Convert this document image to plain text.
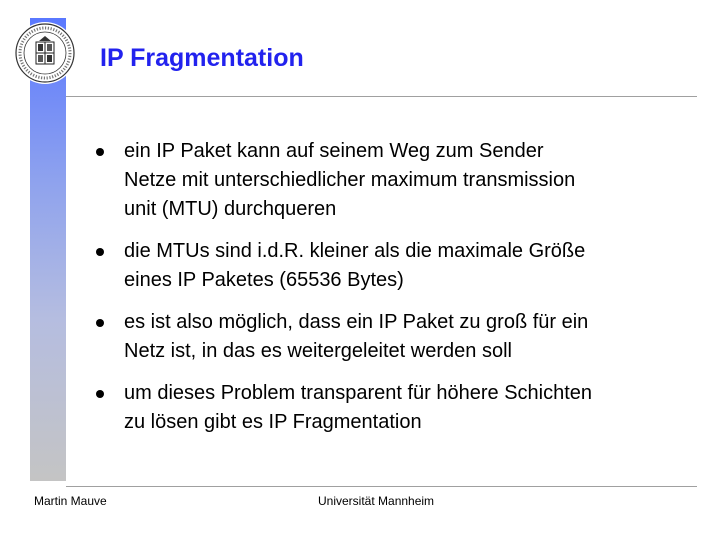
IP Fragmentation
ein IP Paket kann auf seinem Weg zum Sender
Netze mit unterschiedlicher maximum transmission
unit (MTU) durchqueren
die MTUs sind i.d.R. kleiner als die maximale Größe
eines IP Paketes (65536 Bytes)
es ist also möglich, dass ein IP Paket zu groß für ein
Netz ist, in das es weitergeleitet werden soll
um dieses Problem transparent für höhere Schichten
zu lösen gibt es IP Fragmentation
Martin Mauve	Universität Mannheim
